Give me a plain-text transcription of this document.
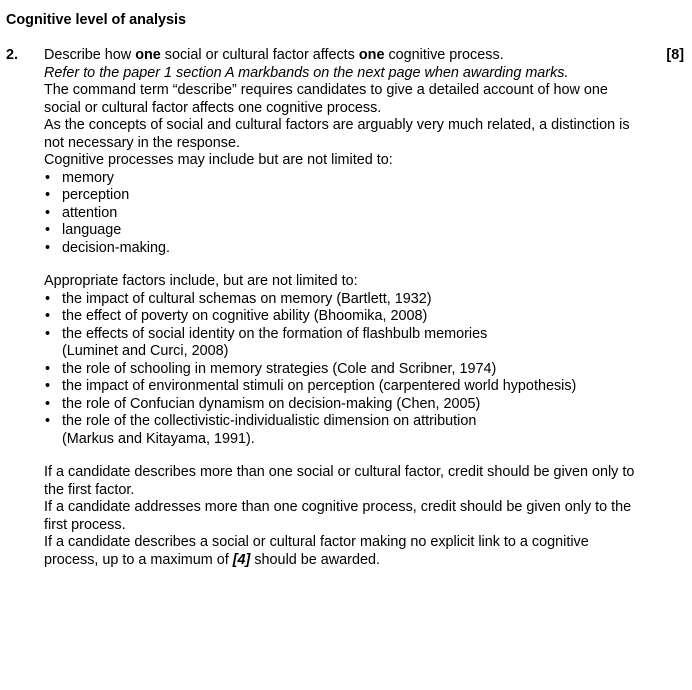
Cognitive level of analysis
2.	[8]

Describe how one social or cultural factor affects one cognitive process.

Refer to the paper 1 section A markbands on the next page when awarding marks.

The command term “describe” requires candidates to give a detailed account of how one social or cultural factor affects one cognitive process.

As the concepts of social and cultural factors are arguably very much related, a distinction is not necessary in the response.

Cognitive processes may include but are not limited to:

• memory
• perception
• attention
• language
• decision-making.

Appropriate factors include, but are not limited to:

• the impact of cultural schemas on memory (Bartlett, 1932)
• the effect of poverty on cognitive ability (Bhoomika, 2008)
• the effects of social identity on the formation of flashbulb memories (Luminet and Curci, 2008)
• the role of schooling in memory strategies (Cole and Scribner, 1974)
• the impact of environmental stimuli on perception (carpentered world hypothesis)
• the role of Confucian dynamism on decision-making (Chen, 2005)
• the role of the collectivistic-individualistic dimension on attribution (Markus and Kitayama, 1991).

If a candidate describes more than one social or cultural factor, credit should be given only to the first factor.

If a candidate addresses more than one cognitive process, credit should be given only to the first process.

If a candidate describes a social or cultural factor making no explicit link to a cognitive process, up to a maximum of [4] should be awarded.
